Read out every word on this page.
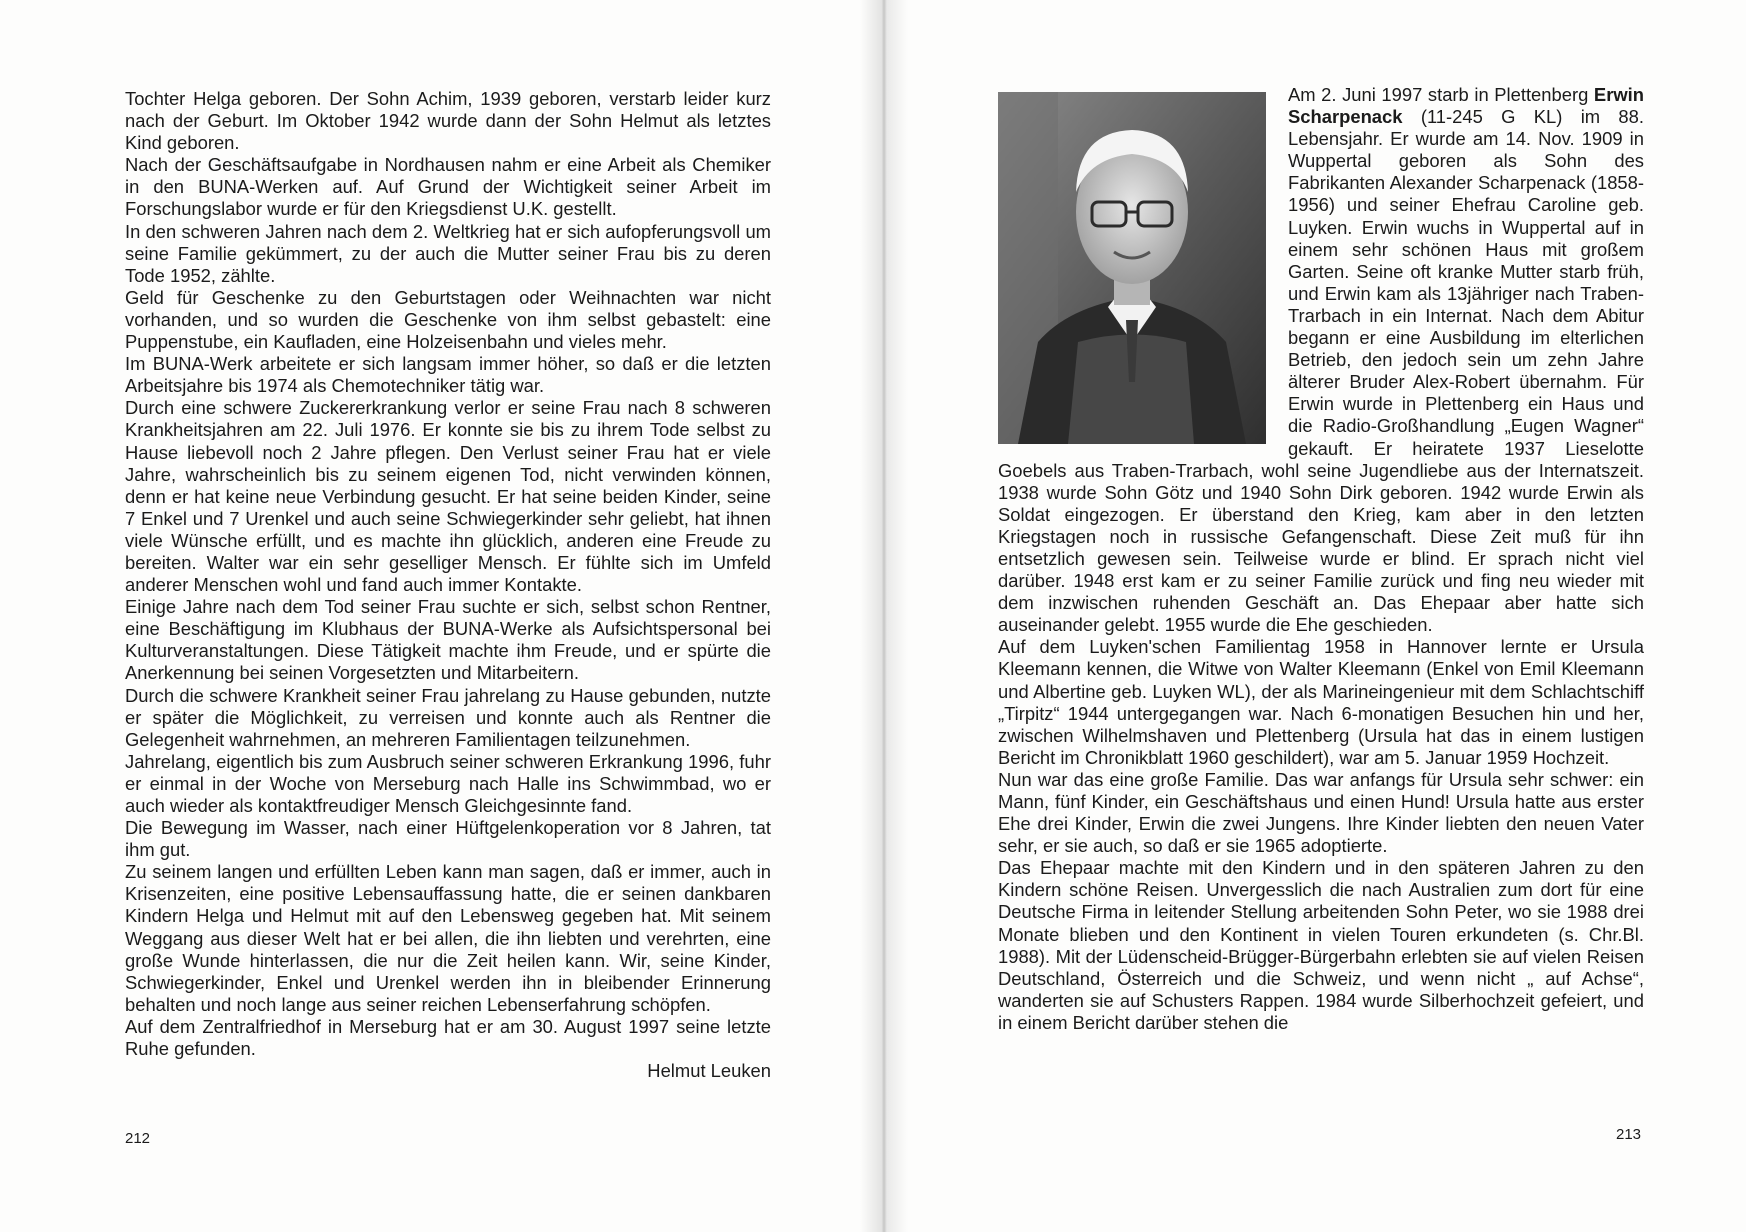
Tochter Helga geboren. Der Sohn Achim, 1939 geboren, verstarb leider kurz nach der Geburt. Im Oktober 1942 wurde dann der Sohn Helmut als letztes Kind geboren.

Nach der Geschäftsaufgabe in Nordhausen nahm er eine Arbeit als Chemiker in den BUNA-Werken auf. Auf Grund der Wichtigkeit seiner Arbeit im Forschungslabor wurde er für den Kriegsdienst U.K. gestellt.

In den schweren Jahren nach dem 2. Weltkrieg hat er sich aufopferungsvoll um seine Familie gekümmert, zu der auch die Mutter seiner Frau bis zu deren Tode 1952, zählte.

Geld für Geschenke zu den Geburtstagen oder Weihnachten war nicht vorhanden, und so wurden die Geschenke von ihm selbst gebastelt: eine Puppenstube, ein Kaufladen, eine Holzeisenbahn und vieles mehr.

Im BUNA-Werk arbeitete er sich langsam immer höher, so daß er die letzten Arbeitsjahre bis 1974 als Chemotechniker tätig war.

Durch eine schwere Zuckererkrankung verlor er seine Frau nach 8 schweren Krankheitsjahren am 22. Juli 1976. Er konnte sie bis zu ihrem Tode selbst zu Hause liebevoll noch 2 Jahre pflegen. Den Verlust seiner Frau hat er viele Jahre, wahrscheinlich bis zu seinem eigenen Tod, nicht verwinden können, denn er hat keine neue Verbindung gesucht. Er hat seine beiden Kinder, seine 7 Enkel und 7 Urenkel und auch seine Schwiegerkinder sehr geliebt, hat ihnen viele Wünsche erfüllt, und es machte ihn glücklich, anderen eine Freude zu bereiten. Walter war ein sehr geselliger Mensch. Er fühlte sich im Umfeld anderer Menschen wohl und fand auch immer Kontakte.

Einige Jahre nach dem Tod seiner Frau suchte er sich, selbst schon Rentner, eine Beschäftigung im Klubhaus der BUNA-Werke als Aufsichtspersonal bei Kulturveranstaltungen. Diese Tätigkeit machte ihm Freude, und er spürte die Anerkennung bei seinen Vorgesetzten und Mitarbeitern.

Durch die schwere Krankheit seiner Frau jahrelang zu Hause gebunden, nutzte er später die Möglichkeit, zu verreisen und konnte auch als Rentner die Gelegenheit wahrnehmen, an mehreren Familientagen teilzunehmen.

Jahrelang, eigentlich bis zum Ausbruch seiner schweren Erkrankung 1996, fuhr er einmal in der Woche von Merseburg nach Halle ins Schwimmbad, wo er auch wieder als kontaktfreudiger Mensch Gleichgesinnte fand.

Die Bewegung im Wasser, nach einer Hüftgelenkoperation vor 8 Jahren, tat ihm gut.

Zu seinem langen und erfüllten Leben kann man sagen, daß er immer, auch in Krisenzeiten, eine positive Lebensauffassung hatte, die er seinen dankbaren Kindern Helga und Helmut mit auf den Lebensweg gegeben hat. Mit seinem Weggang aus dieser Welt hat er bei allen, die ihn liebten und verehrten, eine große Wunde hinterlassen, die nur die Zeit heilen kann. Wir, seine Kinder, Schwiegerkinder, Enkel und Urenkel werden ihn in bleibender Erinnerung behalten und noch lange aus seiner reichen Lebenserfahrung schöpfen.

Auf dem Zentralfriedhof in Merseburg hat er am 30. August 1997 seine letzte Ruhe gefunden.

Helmut Leuken

212

Am 2. Juni 1997 starb in Plettenberg Erwin Scharpenack (11-245 G KL) im 88. Lebensjahr. Er wurde am 14. Nov. 1909 in Wuppertal geboren als Sohn des Fabrikanten Alexander Scharpenack (1858-1956) und seiner Ehefrau Caroline geb. Luyken. Erwin wuchs in Wuppertal auf in einem sehr schönen Haus mit großem Garten. Seine oft kranke Mutter starb früh, und Erwin kam als 13jähriger nach Traben-Trarbach in ein Internat. Nach dem Abitur begann er eine Ausbildung im elterlichen Betrieb, den jedoch sein um zehn Jahre älterer Bruder Alex-Robert übernahm. Für Erwin wurde in Plettenberg ein Haus und die Radio-Großhandlung „Eugen Wagner“ gekauft. Er heiratete 1937 Lieselotte Goebels aus Traben-Trarbach, wohl seine Jugendliebe aus der Internatszeit. 1938 wurde Sohn Götz und 1940 Sohn Dirk geboren. 1942 wurde Erwin als Soldat eingezogen. Er überstand den Krieg, kam aber in den letzten Kriegstagen noch in russische Gefangenschaft. Diese Zeit muß für ihn entsetzlich gewesen sein. Teilweise wurde er blind. Er sprach nicht viel darüber. 1948 erst kam er zu seiner Familie zurück und fing neu wieder mit dem inzwischen ruhenden Geschäft an. Das Ehepaar aber hatte sich auseinander gelebt. 1955 wurde die Ehe geschieden.

Auf dem Luyken'schen Familientag 1958 in Hannover lernte er Ursula Kleemann kennen, die Witwe von Walter Kleemann (Enkel von Emil Kleemann und Albertine geb. Luyken WL), der als Marineingenieur mit dem Schlachtschiff „Tirpitz“ 1944 untergegangen war. Nach 6-monatigen Besuchen hin und her, zwischen Wilhelmshaven und Plettenberg (Ursula hat das in einem lustigen Bericht im Chronikblatt 1960 geschildert), war am 5. Januar 1959 Hochzeit.

Nun war das eine große Familie. Das war anfangs für Ursula sehr schwer: ein Mann, fünf Kinder, ein Geschäftshaus und einen Hund! Ursula hatte aus erster Ehe drei Kinder, Erwin die zwei Jungens. Ihre Kinder liebten den neuen Vater sehr, er sie auch, so daß er sie 1965 adoptierte.

Das Ehepaar machte mit den Kindern und in den späteren Jahren zu den Kindern schöne Reisen. Unvergesslich die nach Australien zum dort für eine Deutsche Firma in leitender Stellung arbeitenden Sohn Peter, wo sie 1988 drei Monate blieben und den Kontinent in vielen Touren erkundeten (s. Chr.Bl. 1988). Mit der Lüdenscheid-Brügger-Bürgerbahn erlebten sie auf vielen Reisen Deutschland, Österreich und die Schweiz, und wenn nicht „ auf Achse“, wanderten sie auf Schusters Rappen. 1984 wurde Silberhochzeit gefeiert, und in einem Bericht darüber stehen die

213
